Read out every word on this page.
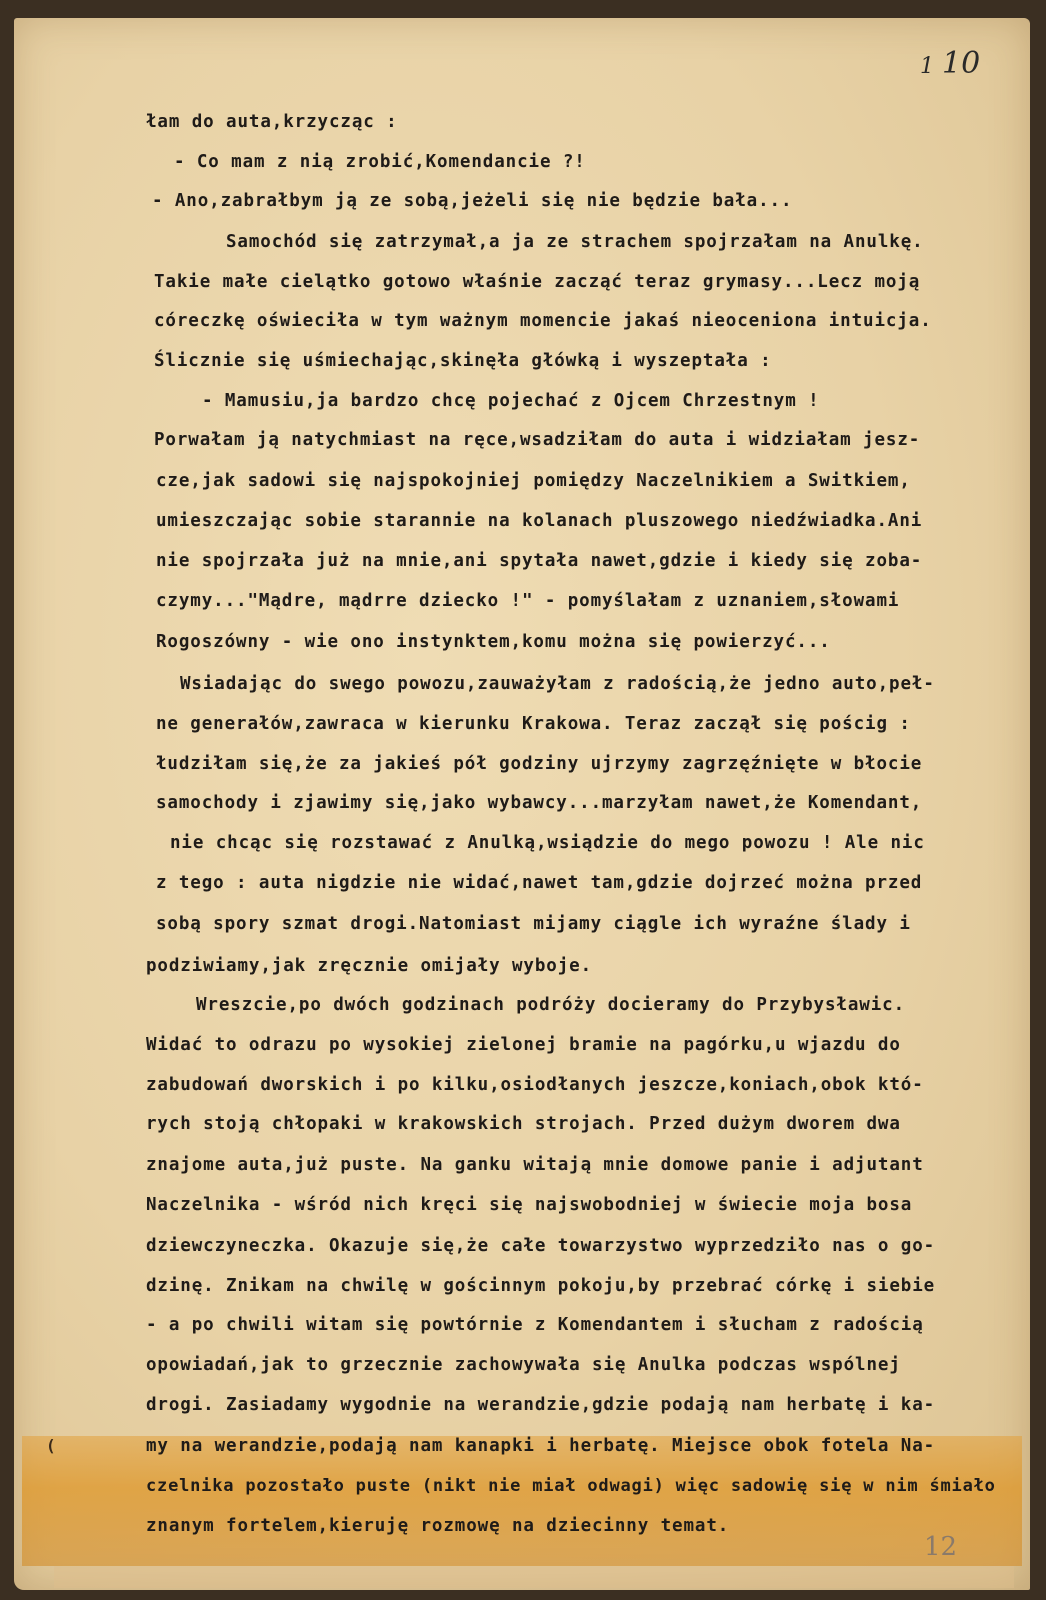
1 10
(
łam do auta,krzycząc :
- Co mam z nią zrobić,Komendancie ?!
- Ano,zabrałbym ją ze sobą,jeżeli się nie będzie bała...
Samochód się zatrzymał,a ja ze strachem spojrzałam na Anulkę.
Takie małe cielątko gotowo właśnie zacząć teraz grymasy...Lecz moją
córeczkę oświeciła w tym ważnym momencie jakaś nieoceniona intuicja.
Ślicznie się uśmiechając,skinęła główką i wyszeptała :
- Mamusiu,ja bardzo chcę pojechać z Ojcem Chrzestnym !
Porwałam ją natychmiast na ręce,wsadziłam do auta i widziałam jesz-
cze,jak sadowi się najspokojniej pomiędzy Naczelnikiem a Switkiem,
umieszczając sobie starannie na kolanach pluszowego niedźwiadka.Ani
nie spojrzała już na mnie,ani spytała nawet,gdzie i kiedy się zoba-
czymy..."Mądre, mądrre dziecko !" - pomyślałam z uznaniem,słowami
Rogoszówny - wie ono instynktem,komu można się powierzyć...
Wsiadając do swego powozu,zauważyłam z radością,że jedno auto,peł-
ne generałów,zawraca w kierunku Krakowa. Teraz zaczął się pościg :
łudziłam się,że za jakieś pół godziny ujrzymy zagrzęźnięte w błocie
samochody i zjawimy się,jako wybawcy...marzyłam nawet,że Komendant,
nie chcąc się rozstawać z Anulką,wsiądzie do mego powozu ! Ale nic
z tego : auta nigdzie nie widać,nawet tam,gdzie dojrzeć można przed
sobą spory szmat drogi.Natomiast mijamy ciągle ich wyraźne ślady i
podziwiamy,jak zręcznie omijały wyboje.
Wreszcie,po dwóch godzinach podróży docieramy do Przybysławic.
Widać to odrazu po wysokiej zielonej bramie na pagórku,u wjazdu do
zabudowań dworskich i po kilku,osiodłanych jeszcze,koniach,obok któ-
rych stoją chłopaki w krakowskich strojach. Przed dużym dworem dwa
znajome auta,już puste. Na ganku witają mnie domowe panie i adjutant
Naczelnika - wśród nich kręci się najswobodniej w świecie moja bosa
dziewczyneczka. Okazuje się,że całe towarzystwo wyprzedziło nas o go-
dzinę. Znikam na chwilę w gościnnym pokoju,by przebrać córkę i siebie
- a po chwili witam się powtórnie z Komendantem i słucham z radością
opowiadań,jak to grzecznie zachowywała się Anulka podczas wspólnej
drogi. Zasiadamy wygodnie na werandzie,gdzie podają nam herbatę i ka-
my na werandzie,podają nam kanapki i herbatę. Miejsce obok fotela Na-
czelnika pozostało puste (nikt nie miał odwagi) więc sadowię się w nim śmiało
znanym fortelem,kieruję rozmowę na dziecinny temat.
12
